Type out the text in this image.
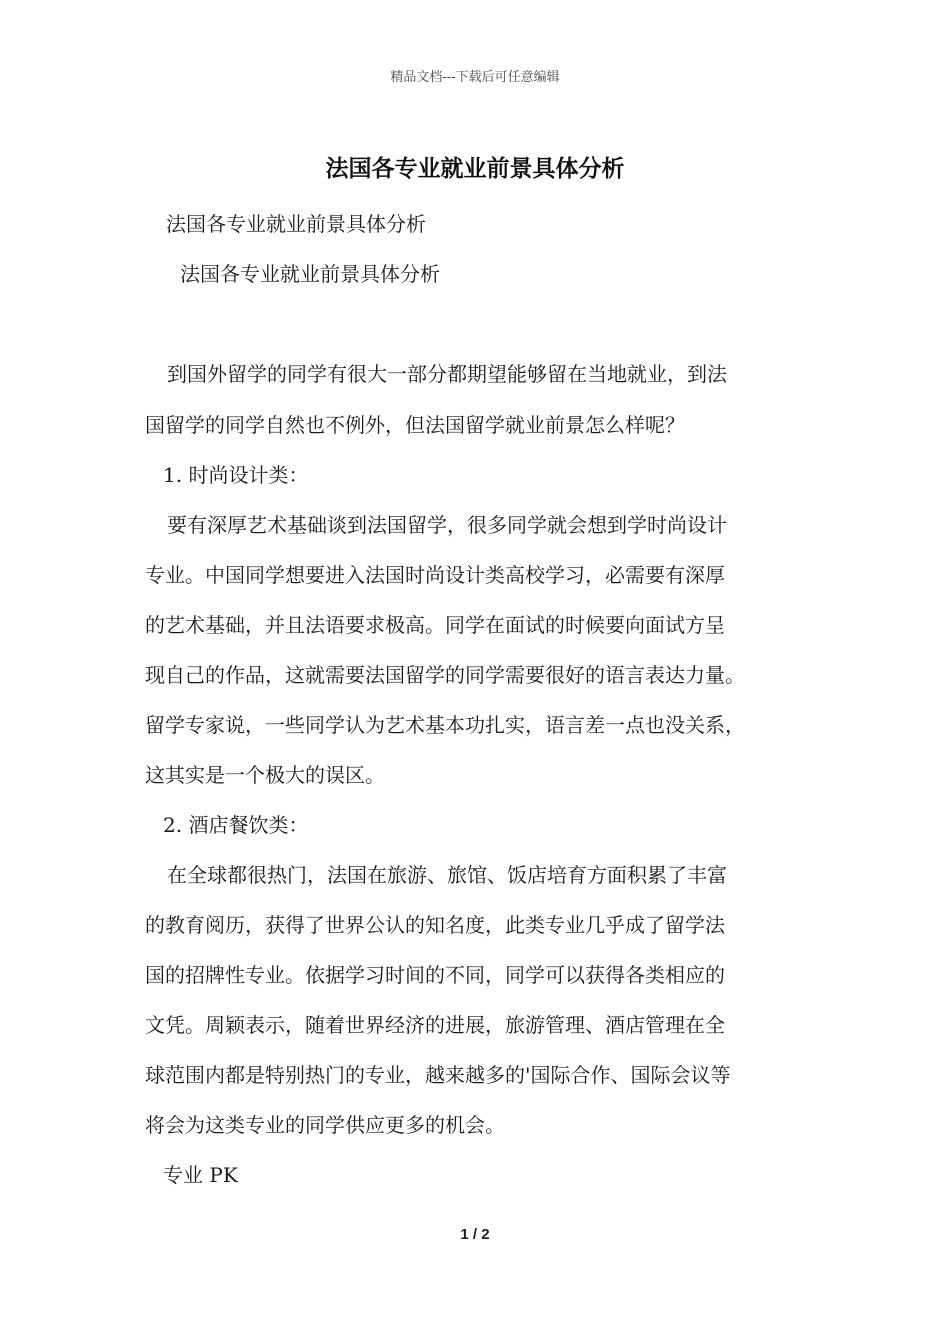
精品文档---下载后可任意编辑
法国各专业就业前景具体分析
法国各专业就业前景具体分析
法国各专业就业前景具体分析
到国外留学的同学有很大一部分都期望能够留在当地就业，到法
国留学的同学自然也不例外，但法国留学就业前景怎么样呢？
1. 时尚设计类：
要有深厚艺术基础谈到法国留学，很多同学就会想到学时尚设计
专业。中国同学想要进入法国时尚设计类高校学习，必需要有深厚
的艺术基础，并且法语要求极高。同学在面试的时候要向面试方呈
现自己的作品，这就需要法国留学的同学需要很好的语言表达力量。
留学专家说，一些同学认为艺术基本功扎实，语言差一点也没关系，
这其实是一个极大的误区。
2. 酒店餐饮类：
在全球都很热门，法国在旅游、旅馆、饭店培育方面积累了丰富
的教育阅历，获得了世界公认的知名度，此类专业几乎成了留学法
国的招牌性专业。依据学习时间的不同，同学可以获得各类相应的
文凭。周颖表示，随着世界经济的进展，旅游管理、酒店管理在全
球范围内都是特别热门的专业，越来越多的'国际合作、国际会议等
将会为这类专业的同学供应更多的机会。
专业 PK
1 / 2
